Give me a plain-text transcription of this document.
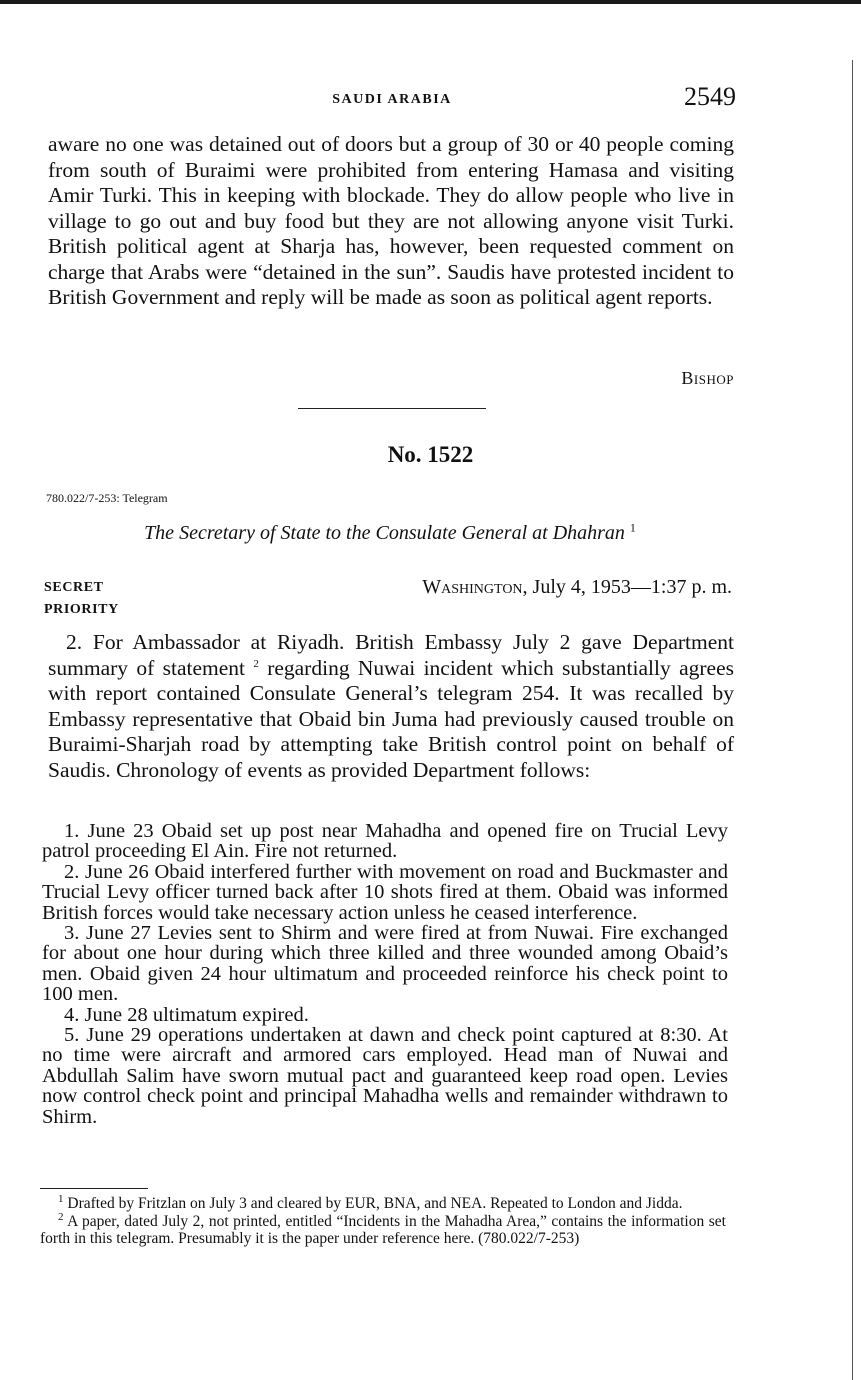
SAUDI ARABIA	2549
aware no one was detained out of doors but a group of 30 or 40 people coming from south of Buraimi were prohibited from entering Hamasa and visiting Amir Turki. This in keeping with blockade. They do allow people who live in village to go out and buy food but they are not allowing anyone visit Turki. British political agent at Sharja has, however, been requested comment on charge that Arabs were “detained in the sun”. Saudis have protested incident to British Government and reply will be made as soon as political agent reports.
Bishop
No. 1522
780.022/7-253: Telegram
The Secretary of State to the Consulate General at Dhahran $^1$
SECRET
PRIORITY
Washington, July 4, 1953—1:37 p. m.
2. For Ambassador at Riyadh. British Embassy July 2 gave Department summary of statement $^2$ regarding Nuwai incident which substantially agrees with report contained Consulate General’s telegram 254. It was recalled by Embassy representative that Obaid bin Juma had previously caused trouble on Buraimi-Sharjah road by attempting take British control point on behalf of Saudis. Chronology of events as provided Department follows:

1. June 23 Obaid set up post near Mahadha and opened fire on Trucial Levy patrol proceeding El Ain. Fire not returned.

2. June 26 Obaid interfered further with movement on road and Buckmaster and Trucial Levy officer turned back after 10 shots fired at them. Obaid was informed British forces would take necessary action unless he ceased interference.

3. June 27 Levies sent to Shirm and were fired at from Nuwai. Fire exchanged for about one hour during which three killed and three wounded among Obaid’s men. Obaid given 24 hour ultimatum and proceeded reinforce his check point to 100 men.

4. June 28 ultimatum expired.

5. June 29 operations undertaken at dawn and check point captured at 8:30. At no time were aircraft and armored cars employed. Head man of Nuwai and Abdullah Salim have sworn mutual pact and guaranteed keep road open. Levies now control check point and principal Mahadha wells and remainder withdrawn to Shirm.

$^1$ Drafted by Fritzlan on July 3 and cleared by EUR, BNA, and NEA. Repeated to London and Jidda.

$^2$ A paper, dated July 2, not printed, entitled “Incidents in the Mahadha Area,” contains the information set forth in this telegram. Presumably it is the paper under reference here. (780.022/7-253)
